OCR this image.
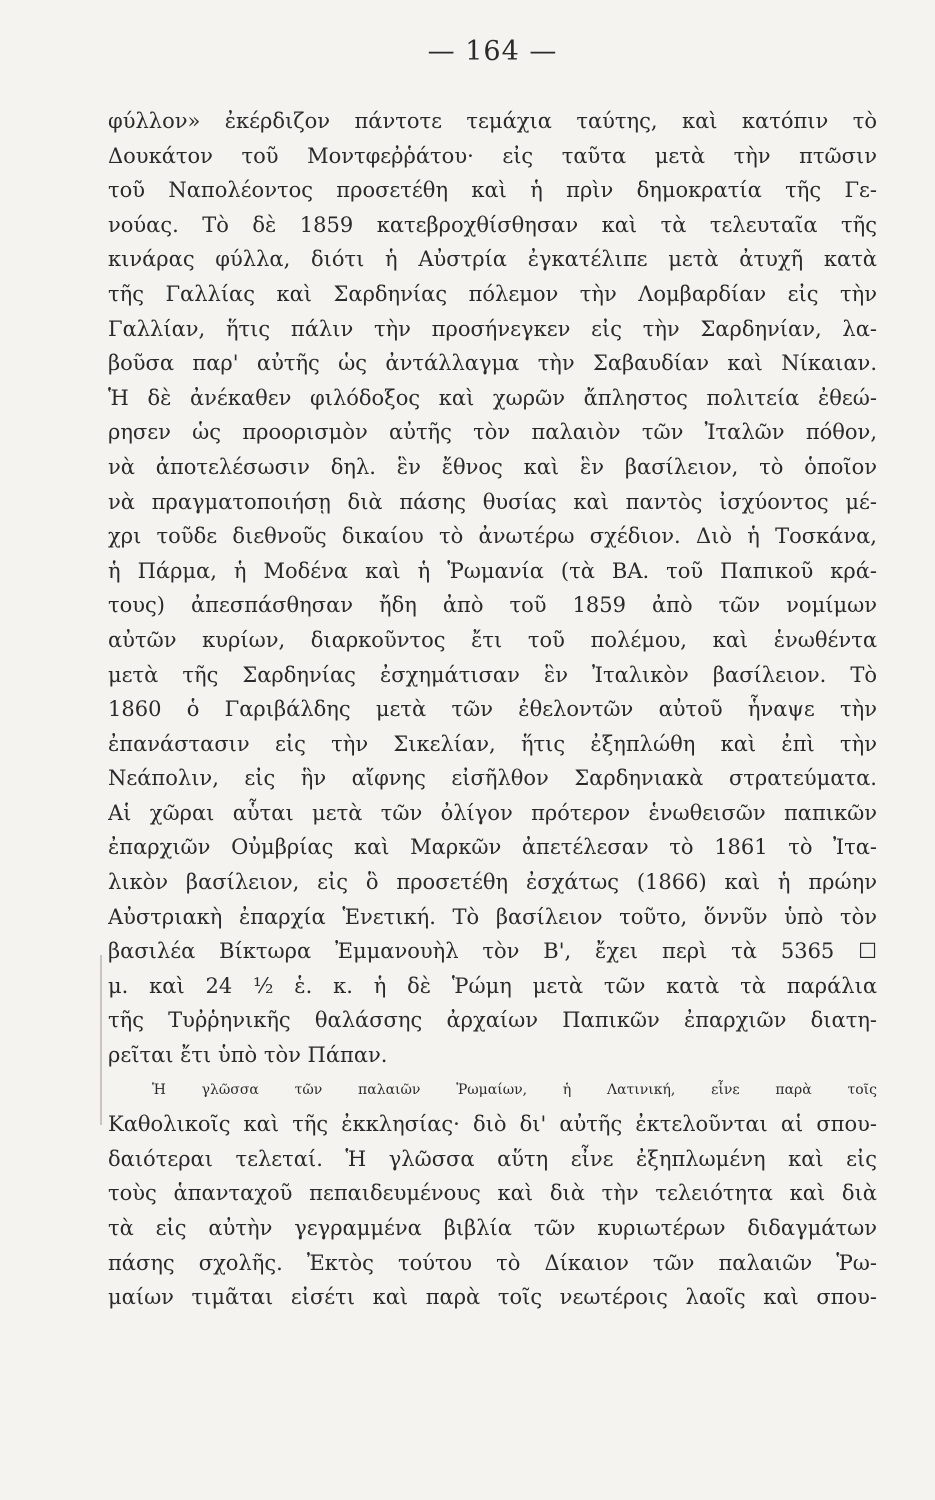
— 164 —
φύλλον» ἐκέρδιζον πάντοτε τεμάχια ταύτης, καὶ κατόπιν τὸ
Δουκάτον τοῦ Μοντφεῤῥάτου· εἰς ταῦτα μετὰ τὴν πτῶσιν
τοῦ Ναπολέοντος προσετέθη καὶ ἡ πρὶν δημοκρατία τῆς Γε-
νούας. Τὸ δὲ 1859 κατεβροχθίσθησαν καὶ τὰ τελευταῖα τῆς
κινάρας φύλλα, διότι ἡ Αὐστρία ἐγκατέλιπε μετὰ ἀτυχῆ κατὰ
τῆς Γαλλίας καὶ Σαρδηνίας πόλεμον τὴν Λομβαρδίαν εἰς τὴν
Γαλλίαν, ἥτις πάλιν τὴν προσήνεγκεν εἰς τὴν Σαρδηνίαν, λα-
βοῦσα παρ' αὐτῆς ὡς ἀντάλλαγμα τὴν Σαβαυδίαν καὶ Νίκαιαν.
Ἡ δὲ ἀνέκαθεν φιλόδοξος καὶ χωρῶν ἄπληστος πολιτεία ἐθεώ-
ρησεν ὡς προορισμὸν αὐτῆς τὸν παλαιὸν τῶν Ἰταλῶν πόθον,
νὰ ἀποτελέσωσιν δηλ. ἓν ἔθνος καὶ ἓν βασίλειον, τὸ ὁποῖον
νὰ πραγματοποιήσῃ διὰ πάσης θυσίας καὶ παντὸς ἰσχύοντος μέ-
χρι τοῦδε διεθνοῦς δικαίου τὸ ἀνωτέρω σχέδιον. Διὸ ἡ Τοσκάνα,
ἡ Πάρμα, ἡ Μοδένα καὶ ἡ Ῥωμανία (τὰ ΒΑ. τοῦ Παπικοῦ κρά-
τους) ἀπεσπάσθησαν ἤδη ἀπὸ τοῦ 1859 ἀπὸ τῶν νομίμων
αὐτῶν κυρίων, διαρκοῦντος ἔτι τοῦ πολέμου, καὶ ἑνωθέντα
μετὰ τῆς Σαρδηνίας ἐσχημάτισαν ἓν Ἰταλικὸν βασίλειον. Τὸ
1860 ὁ Γαριβάλδης μετὰ τῶν ἐθελοντῶν αὐτοῦ ἧναψε τὴν
ἐπανάστασιν εἰς τὴν Σικελίαν, ἥτις ἐξηπλώθη καὶ ἐπὶ τὴν
Νεάπολιν, εἰς ἣν αἴφνης εἰσῆλθον Σαρδηνιακὰ στρατεύματα.
Αἱ χῶραι αὗται μετὰ τῶν ὀλίγον πρότερον ἑνωθεισῶν παπικῶν
ἐπαρχιῶν Οὐμβρίας καὶ Μαρκῶν ἀπετέλεσαν τὸ 1861 τὸ Ἰτα-
λικὸν βασίλειον, εἰς ὃ προσετέθη ἐσχάτως (1866) καὶ ἡ πρώην
Αὐστριακὴ ἐπαρχία Ἑνετική. Τὸ βασίλειον τοῦτο, ὅννῦν ὑπὸ τὸν
βασιλέα Βίκτωρα Ἐμμανουὴλ τὸν Β', ἔχει περὶ τὰ 5365 ☐
μ. καὶ 24 ½ ἑ. κ. ἡ δὲ Ῥώμη μετὰ τῶν κατὰ τὰ παράλια
τῆς Τυῤῥηνικῆς θαλάσσης ἀρχαίων Παπικῶν ἐπαρχιῶν διατη-
ρεῖται ἔτι ὑπὸ τὸν Πάπαν.
Ἡ γλῶσσα τῶν παλαιῶν Ῥωμαίων, ἡ Λατινική, εἶνε παρὰ τοῖς
Καθολικοῖς καὶ τῆς ἐκκλησίας· διὸ δι' αὐτῆς ἐκτελοῦνται αἱ σπου-
δαιότεραι τελεταί. Ἡ γλῶσσα αὕτη εἶνε ἐξηπλωμένη καὶ εἰς
τοὺς ἁπανταχοῦ πεπαιδευμένους καὶ διὰ τὴν τελειότητα καὶ διὰ
τὰ εἰς αὐτὴν γεγραμμένα βιβλία τῶν κυριωτέρων διδαγμάτων
πάσης σχολῆς. Ἐκτὸς τούτου τὸ Δίκαιον τῶν παλαιῶν Ῥω-
μαίων τιμᾶται εἰσέτι καὶ παρὰ τοῖς νεωτέροις λαοῖς καὶ σπου-
